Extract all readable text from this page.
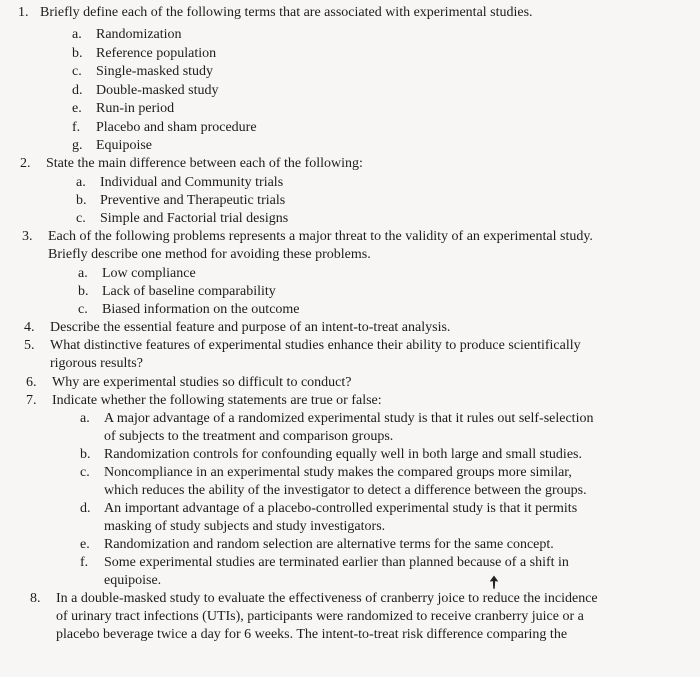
1. Briefly define each of the following terms that are associated with experimental studies.
a. Randomization
b. Reference population
c. Single-masked study
d. Double-masked study
e. Run-in period
f. Placebo and sham procedure
g. Equipoise
2. State the main difference between each of the following:
a. Individual and Community trials
b. Preventive and Therapeutic trials
c. Simple and Factorial trial designs
3. Each of the following problems represents a major threat to the validity of an experimental study.
Briefly describe one method for avoiding these problems.
a. Low compliance
b. Lack of baseline comparability
c. Biased information on the outcome
4. Describe the essential feature and purpose of an intent-to-treat analysis.
5. What distinctive features of experimental studies enhance their ability to produce scientifically
rigorous results?
6. Why are experimental studies so difficult to conduct?
7. Indicate whether the following statements are true or false:
a. A major advantage of a randomized experimental study is that it rules out self-selection
of subjects to the treatment and comparison groups.
b. Randomization controls for confounding equally well in both large and small studies.
c. Noncompliance in an experimental study makes the compared groups more similar,
which reduces the ability of the investigator to detect a difference between the groups.
d. An important advantage of a placebo-controlled experimental study is that it permits
masking of study subjects and study investigators.
e. Randomization and random selection are alternative terms for the same concept.
f. Some experimental studies are terminated earlier than planned because of a shift in
equipoise.
8. In a double-masked study to evaluate the effectiveness of cranberry joice to reduce the incidence
of urinary tract infections (UTIs), participants were randomized to receive cranberry juice or a
placebo beverage twice a day for 6 weeks. The intent-to-treat risk difference comparing the
